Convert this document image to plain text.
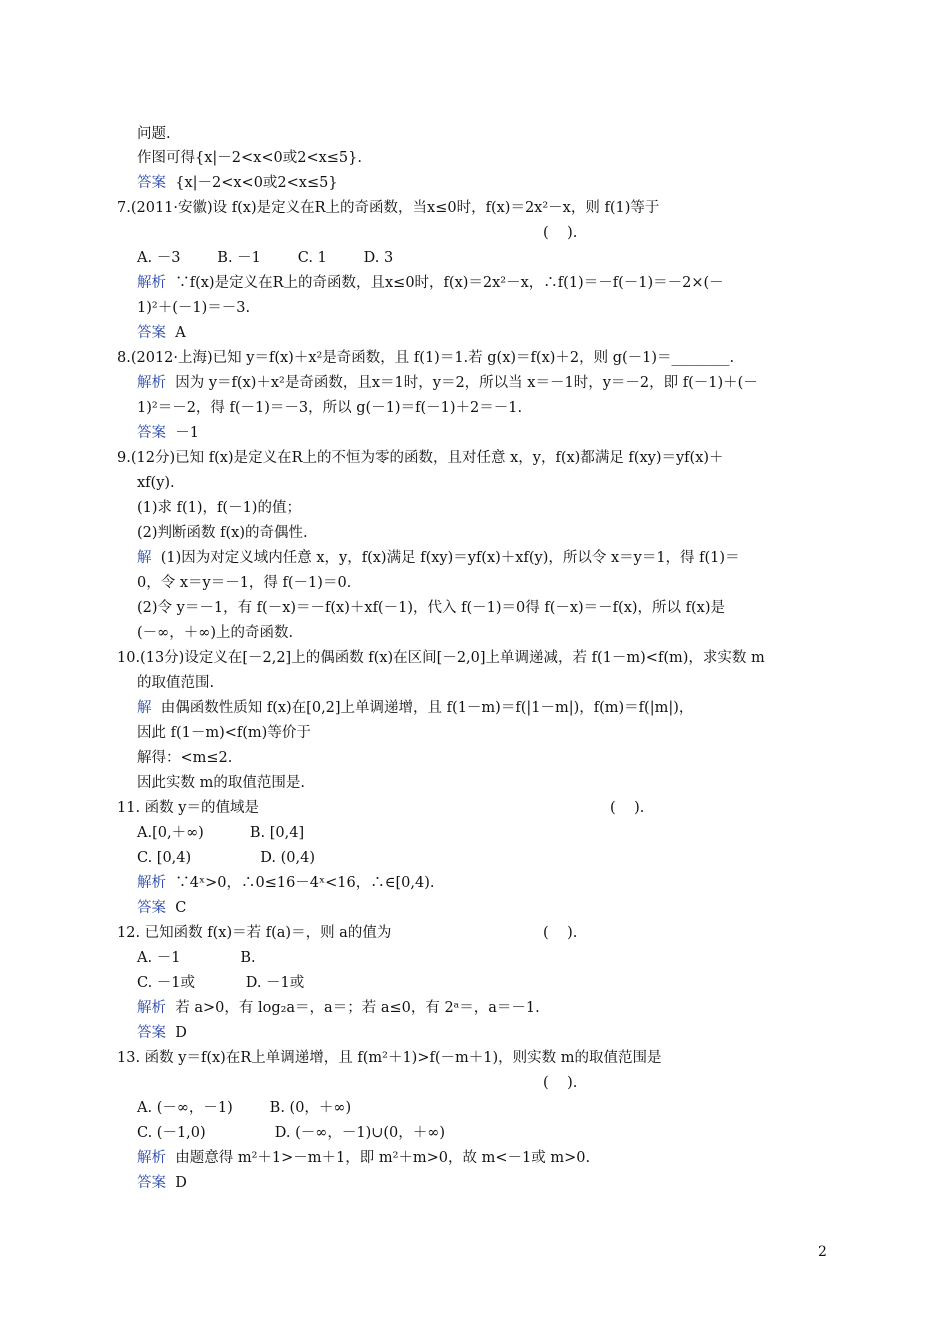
问题.
作图可得{x|－2<x<0或2<x≤5}.
答案  {x|－2<x<0或2<x≤5}
7.(2011·安徽)设 f(x)是定义在R上的奇函数，当x≤0时，f(x)＝2x²－x，则 f(1)等于
(    ).
A. －3        B. －1        C. 1        D. 3
解析  ∵f(x)是定义在R上的奇函数，且x≤0时，f(x)＝2x²－x，∴f(1)＝－f(－1)＝－2×(－
1)²＋(－1)＝－3.
答案  A
8.(2012·上海)已知 y＝f(x)＋x²是奇函数，且 f(1)＝1.若 g(x)＝f(x)＋2，则 g(－1)＝________.
解析  因为 y＝f(x)＋x²是奇函数，且x＝1时，y＝2，所以当 x＝－1时，y＝－2，即 f(－1)＋(－
1)²＝－2，得 f(－1)＝－3，所以 g(－1)＝f(－1)＋2＝－1.
答案  －1
9.(12分)已知 f(x)是定义在R上的不恒为零的函数，且对任意 x，y，f(x)都满足 f(xy)＝yf(x)＋
xf(y).
(1)求 f(1)，f(－1)的值；
(2)判断函数 f(x)的奇偶性.
解  (1)因为对定义域内任意 x，y，f(x)满足 f(xy)＝yf(x)＋xf(y)，所以令 x＝y＝1，得 f(1)＝
0，令 x＝y＝－1，得 f(－1)＝0.
(2)令 y＝－1，有 f(－x)＝－f(x)＋xf(－1)，代入 f(－1)＝0得 f(－x)＝－f(x)，所以 f(x)是
(－∞，＋∞)上的奇函数.
10.(13分)设定义在[－2,2]上的偶函数 f(x)在区间[－2,0]上单调递减，若 f(1－m)<f(m)，求实数 m
的取值范围.
解  由偶函数性质知 f(x)在[0,2]上单调递增，且 f(1－m)＝f(|1－m|)，f(m)＝f(|m|)，
因此 f(1－m)<f(m)等价于
解得：<m≤2.
因此实数 m的取值范围是.
11. 函数 y＝的值域是	(    ).
A.[0,＋∞)          B. [0,4]
C. [0,4)               D. (0,4)
解析  ∵4ˣ>0，∴0≤16－4ˣ<16，∴∈[0,4).
答案  C
12. 已知函数 f(x)＝若 f(a)＝，则 a的值为	(    ).
A. －1             B.
C. －1或           D. －1或
解析  若 a>0，有 log₂a＝，a＝；若 a≤0，有 2ᵃ＝，a＝－1.
答案  D
13. 函数 y＝f(x)在R上单调递增，且 f(m²＋1)>f(－m＋1)，则实数 m的取值范围是
(    ).
A. (－∞，－1)        B. (0，＋∞)
C. (－1,0)               D. (－∞，－1)∪(0，＋∞)
解析  由题意得 m²＋1>－m＋1，即 m²＋m>0，故 m<－1或 m>0.
答案  D
2
